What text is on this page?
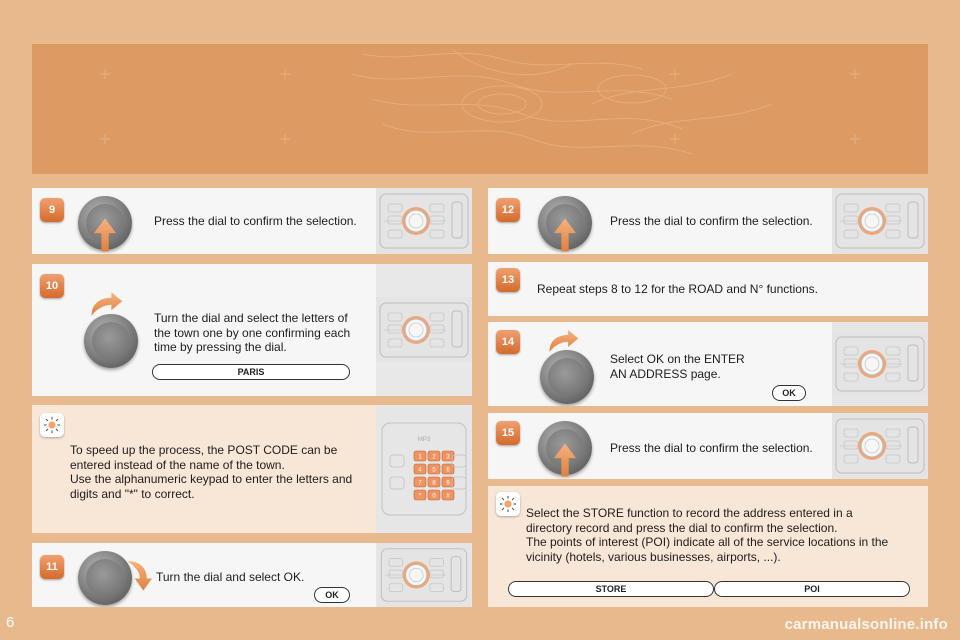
9
Press the dial to confirm the selection.
10
Turn the dial and select the letters of
the town one by one confirming each
time by pressing the dial.
PARIS
To speed up the process, the POST CODE can be
entered instead of the name of the town.
Use the alphanumeric keypad to enter the letters and
digits and "*" to correct.
MP3
1 2 3
4 5 6
7 8 9
* 0 #
11
Turn the dial and select OK.
OK
12
Press the dial to confirm the selection.
13
Repeat steps 8 to 12 for the ROAD and N° functions.
14
Select OK on the ENTER
AN ADDRESS page.
OK
15
Press the dial to confirm the selection.
Select the STORE function to record the address entered in a
directory record and press the dial to confirm the selection.
The points of interest (POI) indicate all of the service locations in the
vicinity (hotels, various businesses, airports, ...).
STORE	POI
6	carmanualsonline.info
